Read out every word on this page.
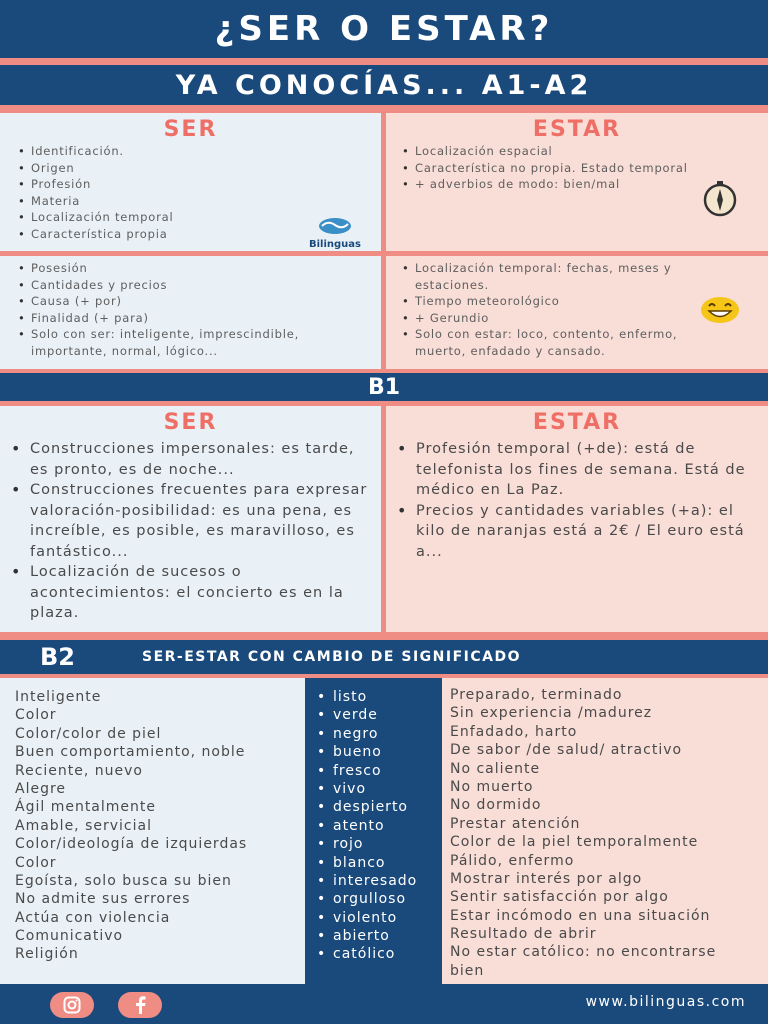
¿SER O ESTAR?
YA CONOCÍAS... A1-A2
SER
• Identificación.
• Origen
• Profesión
• Materia
• Localización temporal
• Característica propia
Bilinguas
ESTAR
• Localización espacial
• Característica no propia. Estado temporal
• + adverbios de modo: bien/mal
• Posesión
• Cantidades y precios
• Causa (+ por)
• Finalidad (+ para)
• Solo con ser: inteligente, imprescindible, importante, normal, lógico...
• Localización temporal: fechas, meses y estaciones.
• Tiempo meteorológico
• + Gerundio
• Solo con estar: loco, contento, enfermo, muerto, enfadado y cansado.
B1
SER
• Construcciones impersonales: es tarde, es pronto, es de noche...
• Construcciones frecuentes para expresar valoración-posibilidad: es una pena, es increíble, es posible, es maravilloso, es fantástico...
• Localización de sucesos o acontecimientos: el concierto es en la plaza.
ESTAR
• Profesión temporal (+de): está de telefonista los fines de semana. Está de médico en La Paz.
• Precios y cantidades variables (+a): el kilo de naranjas está a 2€ / El euro está a...
B2	SER-ESTAR CON CAMBIO DE SIGNIFICADO
Inteligente
Color
Color/color de piel
Buen comportamiento, noble
Reciente, nuevo
Alegre
Ágil mentalmente
Amable, servicial
Color/ideología de izquierdas
Color
Egoísta, solo busca su bien
No admite sus errores
Actúa con violencia
Comunicativo
Religión
• listo
• verde
• negro
• bueno
• fresco
• vivo
• despierto
• atento
• rojo
• blanco
• interesado
• orgulloso
• violento
• abierto
• católico
Preparado, terminado
Sin experiencia /madurez
Enfadado, harto
De sabor /de salud/ atractivo
No caliente
No muerto
No dormido
Prestar atención
Color de la piel temporalmente
Pálido, enfermo
Mostrar interés por algo
Sentir satisfacción por algo
Estar incómodo en una situación
Resultado de abrir
No estar católico: no encontrarse
bien
www.bilinguas.com
